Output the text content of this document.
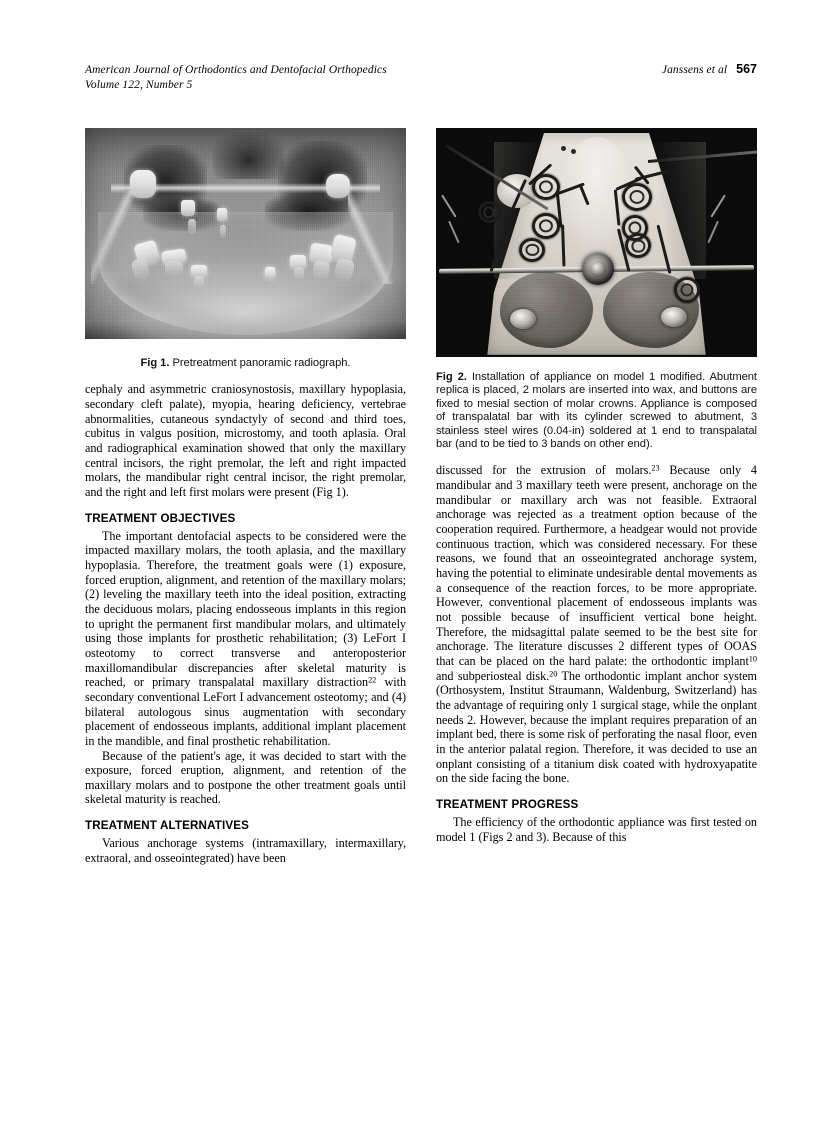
American Journal of Orthodontics and Dentofacial Orthopedics
Volume 122, Number 5
Janssens et al 567
Fig 1. Pretreatment panoramic radiograph.

cephaly and asymmetric craniosynostosis, maxillary hypoplasia, secondary cleft palate), myopia, hearing deficiency, vertebrae abnormalities, cutaneous syndactyly of second and third toes, cubitus in valgus position, microstomy, and tooth aplasia. Oral and radiographical examination showed that only the maxillary central incisors, the right premolar, the left and right impacted molars, the mandibular right central incisor, the right premolar, and the right and left first molars were present (Fig 1).

TREATMENT OBJECTIVES

The important dentofacial aspects to be considered were the impacted maxillary molars, the tooth aplasia, and the maxillary hypoplasia. Therefore, the treatment goals were (1) exposure, forced eruption, alignment, and retention of the maxillary molars; (2) leveling the maxillary teeth into the ideal position, extracting the deciduous molars, placing endosseous implants in this region to upright the permanent first mandibular molars, and ultimately using those implants for prosthetic rehabilitation; (3) LeFort I osteotomy to correct transverse and anteroposterior maxillomandibular discrepancies after skeletal maturity is reached, or primary transpalatal maxillary distraction$^{22}$ with secondary conventional LeFort I advancement osteotomy; and (4) bilateral autologous sinus augmentation with secondary placement of endosseous implants, additional implant placement in the mandible, and final prosthetic rehabilitation.

Because of the patient's age, it was decided to start with the exposure, forced eruption, alignment, and retention of the maxillary molars and to postpone the other treatment goals until skeletal maturity is reached.

TREATMENT ALTERNATIVES

Various anchorage systems (intramaxillary, intermaxillary, extraoral, and osseointegrated) have been

Fig 2. Installation of appliance on model 1 modified. Abutment replica is placed, 2 molars are inserted into wax, and buttons are fixed to mesial section of molar crowns. Appliance is composed of transpalatal bar with its cylinder screwed to abutment, 3 stainless steel wires (0.04-in) soldered at 1 end to transpalatal bar (and to be tied to 3 bands on other end).

discussed for the extrusion of molars.$^{23}$ Because only 4 mandibular and 3 maxillary teeth were present, anchorage on the mandibular or maxillary arch was not feasible. Extraoral anchorage was rejected as a treatment option because of the cooperation required. Furthermore, a headgear would not provide continuous traction, which was considered necessary. For these reasons, we found that an osseointegrated anchorage system, having the potential to eliminate undesirable dental movements as a consequence of the reaction forces, to be more appropriate. However, conventional placement of endosseous implants was not possible because of insufficient vertical bone height. Therefore, the midsagittal palate seemed to be the best site for anchorage. The literature discusses 2 different types of OOAS that can be placed on the hard palate: the orthodontic implant$^{10}$ and subperiosteal disk.$^{20}$ The orthodontic implant anchor system (Orthosystem, Institut Straumann, Waldenburg, Switzerland) has the advantage of requiring only 1 surgical stage, while the onplant needs 2. However, because the implant requires preparation of an implant bed, there is some risk of perforating the nasal floor, even in the anterior palatal region. Therefore, it was decided to use an onplant consisting of a titanium disk coated with hydroxyapatite on the side facing the bone.

TREATMENT PROGRESS

The efficiency of the orthodontic appliance was first tested on model 1 (Figs 2 and 3). Because of this
